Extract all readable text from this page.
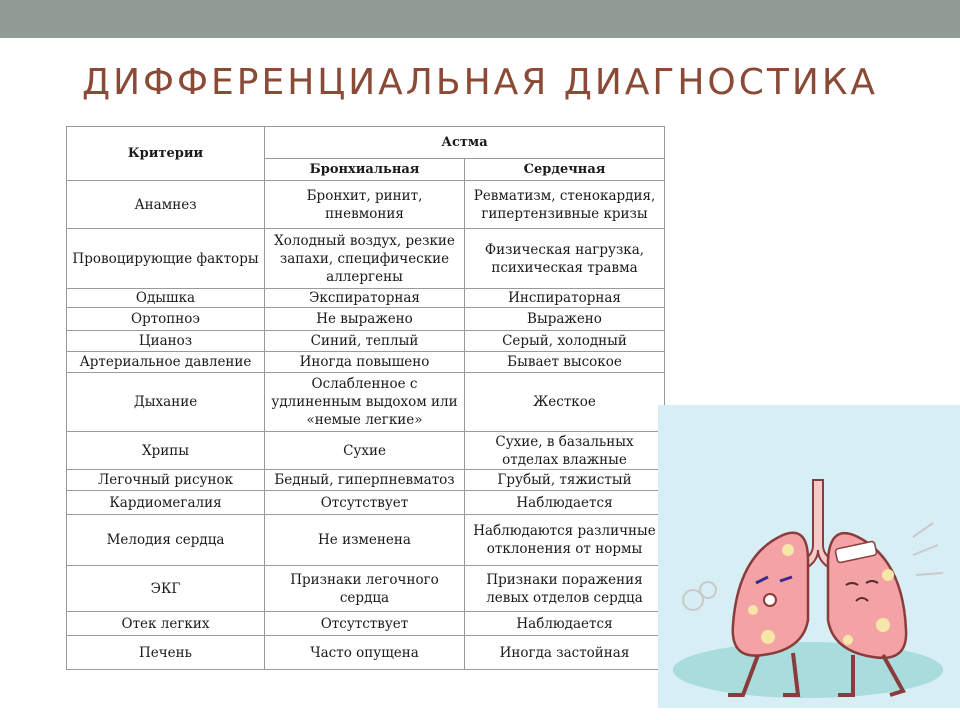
ДИФФЕРЕНЦИАЛЬНАЯ ДИАГНОСТИКА
Критерии	Астма	
	Бронхиальная	Сердечная
Анамнез	Бронхит, ринит, пневмония	Ревматизм, стенокардия, гипертензивные кризы
Провоцирующие факторы	Холодный воздух, резкие запахи, специфические аллергены	Физическая нагрузка, психическая травма
Одышка	Экспираторная	Инспираторная
Ортопноэ	Не выражено	Выражено
Цианоз	Синий, теплый	Серый, холодный
Артериальное давление	Иногда повышено	Бывает высокое
Дыхание	Ослабленное с удлиненным выдохом или «немые легкие»	Жесткое
Хрипы	Сухие	Сухие, в базальных отделах влажные
Легочный рисунок	Бедный, гиперпневматоз	Грубый, тяжистый
Кардиомегалия	Отсутствует	Наблюдается
Мелодия сердца	Не изменена	Наблюдаются различные отклонения от нормы
ЭКГ	Признаки легочного сердца	Признаки поражения левых отделов сердца
Отек легких	Отсутствует	Наблюдается
Печень	Часто опущена	Иногда застойная
